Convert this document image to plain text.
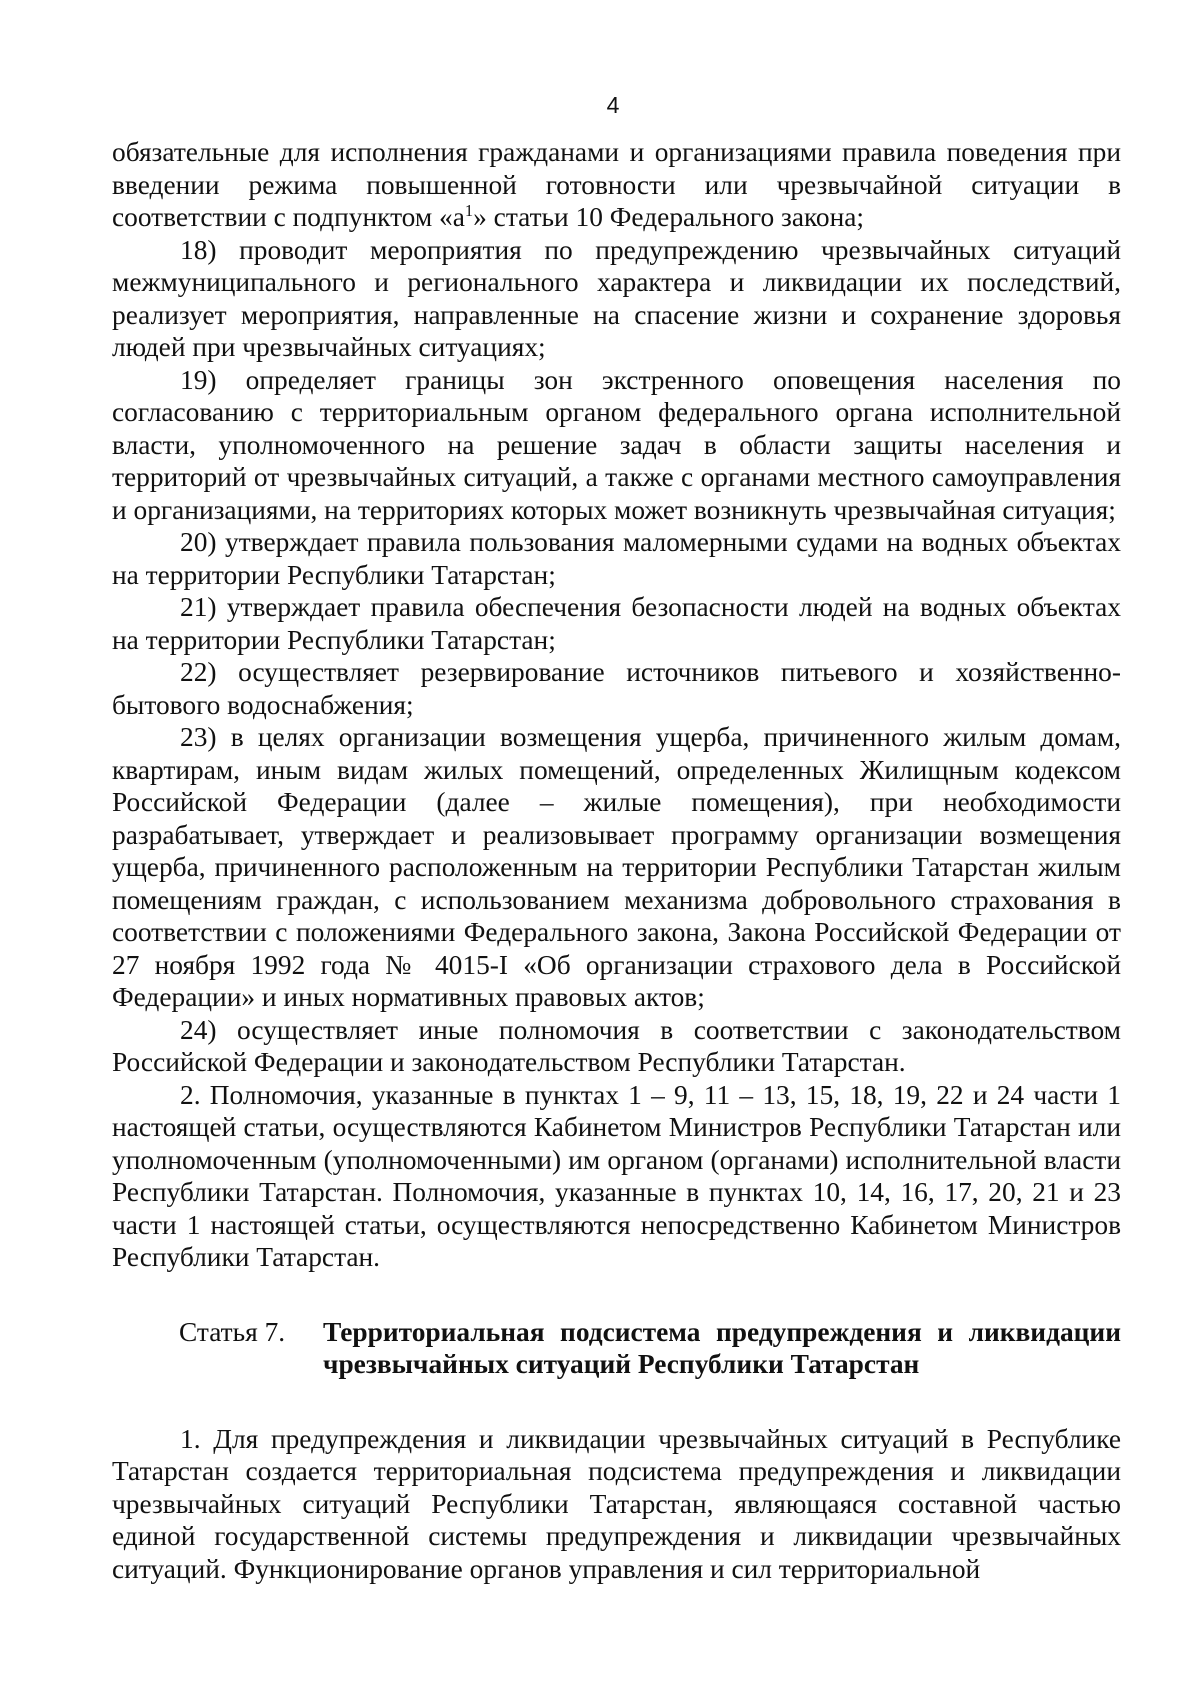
4

обязательные для исполнения гражданами и организациями правила поведения при введении режима повышенной готовности или чрезвычайной ситуации в соответствии с подпунктом «$а^1$» статьи 10 Федерального закона;

18) проводит мероприятия по предупреждению чрезвычайных ситуаций межмуниципального и регионального характера и ликвидации их последствий, реализует мероприятия, направленные на спасение жизни и сохранение здоровья людей при чрезвычайных ситуациях;

19) определяет границы зон экстренного оповещения населения по согласованию с территориальным органом федерального органа исполнительной власти, уполномоченного на решение задач в области защиты населения и территорий от чрезвычайных ситуаций, а также с органами местного самоуправления и организациями, на территориях которых может возникнуть чрезвычайная ситуация;

20) утверждает правила пользования маломерными судами на водных объектах на территории Республики Татарстан;

21) утверждает правила обеспечения безопасности людей на водных объектах на территории Республики Татарстан;

22) осуществляет резервирование источников питьевого и хозяйственно-бытового водоснабжения;

23) в целях организации возмещения ущерба, причиненного жилым домам, квартирам, иным видам жилых помещений, определенных Жилищным кодексом Российской Федерации (далее – жилые помещения), при необходимости разрабатывает, утверждает и реализовывает программу организации возмещения ущерба, причиненного расположенным на территории Республики Татарстан жилым помещениям граждан, с использованием механизма добровольного страхования в соответствии с положениями Федерального закона, Закона Российской Федерации от 27 ноября 1992 года № 4015-I «Об организации страхового дела в Российской Федерации» и иных нормативных правовых актов;

24) осуществляет иные полномочия в соответствии с законодательством Российской Федерации и законодательством Республики Татарстан.

2. Полномочия, указанные в пунктах 1 – 9, 11 – 13, 15, 18, 19, 22 и 24 части 1 настоящей статьи, осуществляются Кабинетом Министров Республики Татарстан или уполномоченным (уполномоченными) им органом (органами) исполнительной власти Республики Татарстан. Полномочия, указанные в пунктах 10, 14, 16, 17, 20, 21 и 23 части 1 настоящей статьи, осуществляются непосредственно Кабинетом Министров Республики Татарстан.

Статья 7.	Территориальная подсистема предупреждения и ликвидации чрезвычайных ситуаций Республики Татарстан

1. Для предупреждения и ликвидации чрезвычайных ситуаций в Республике Татарстан создается территориальная подсистема предупреждения и ликвидации чрезвычайных ситуаций Республики Татарстан, являющаяся составной частью единой государственной системы предупреждения и ликвидации чрезвычайных ситуаций. Функционирование органов управления и сил территориальной
